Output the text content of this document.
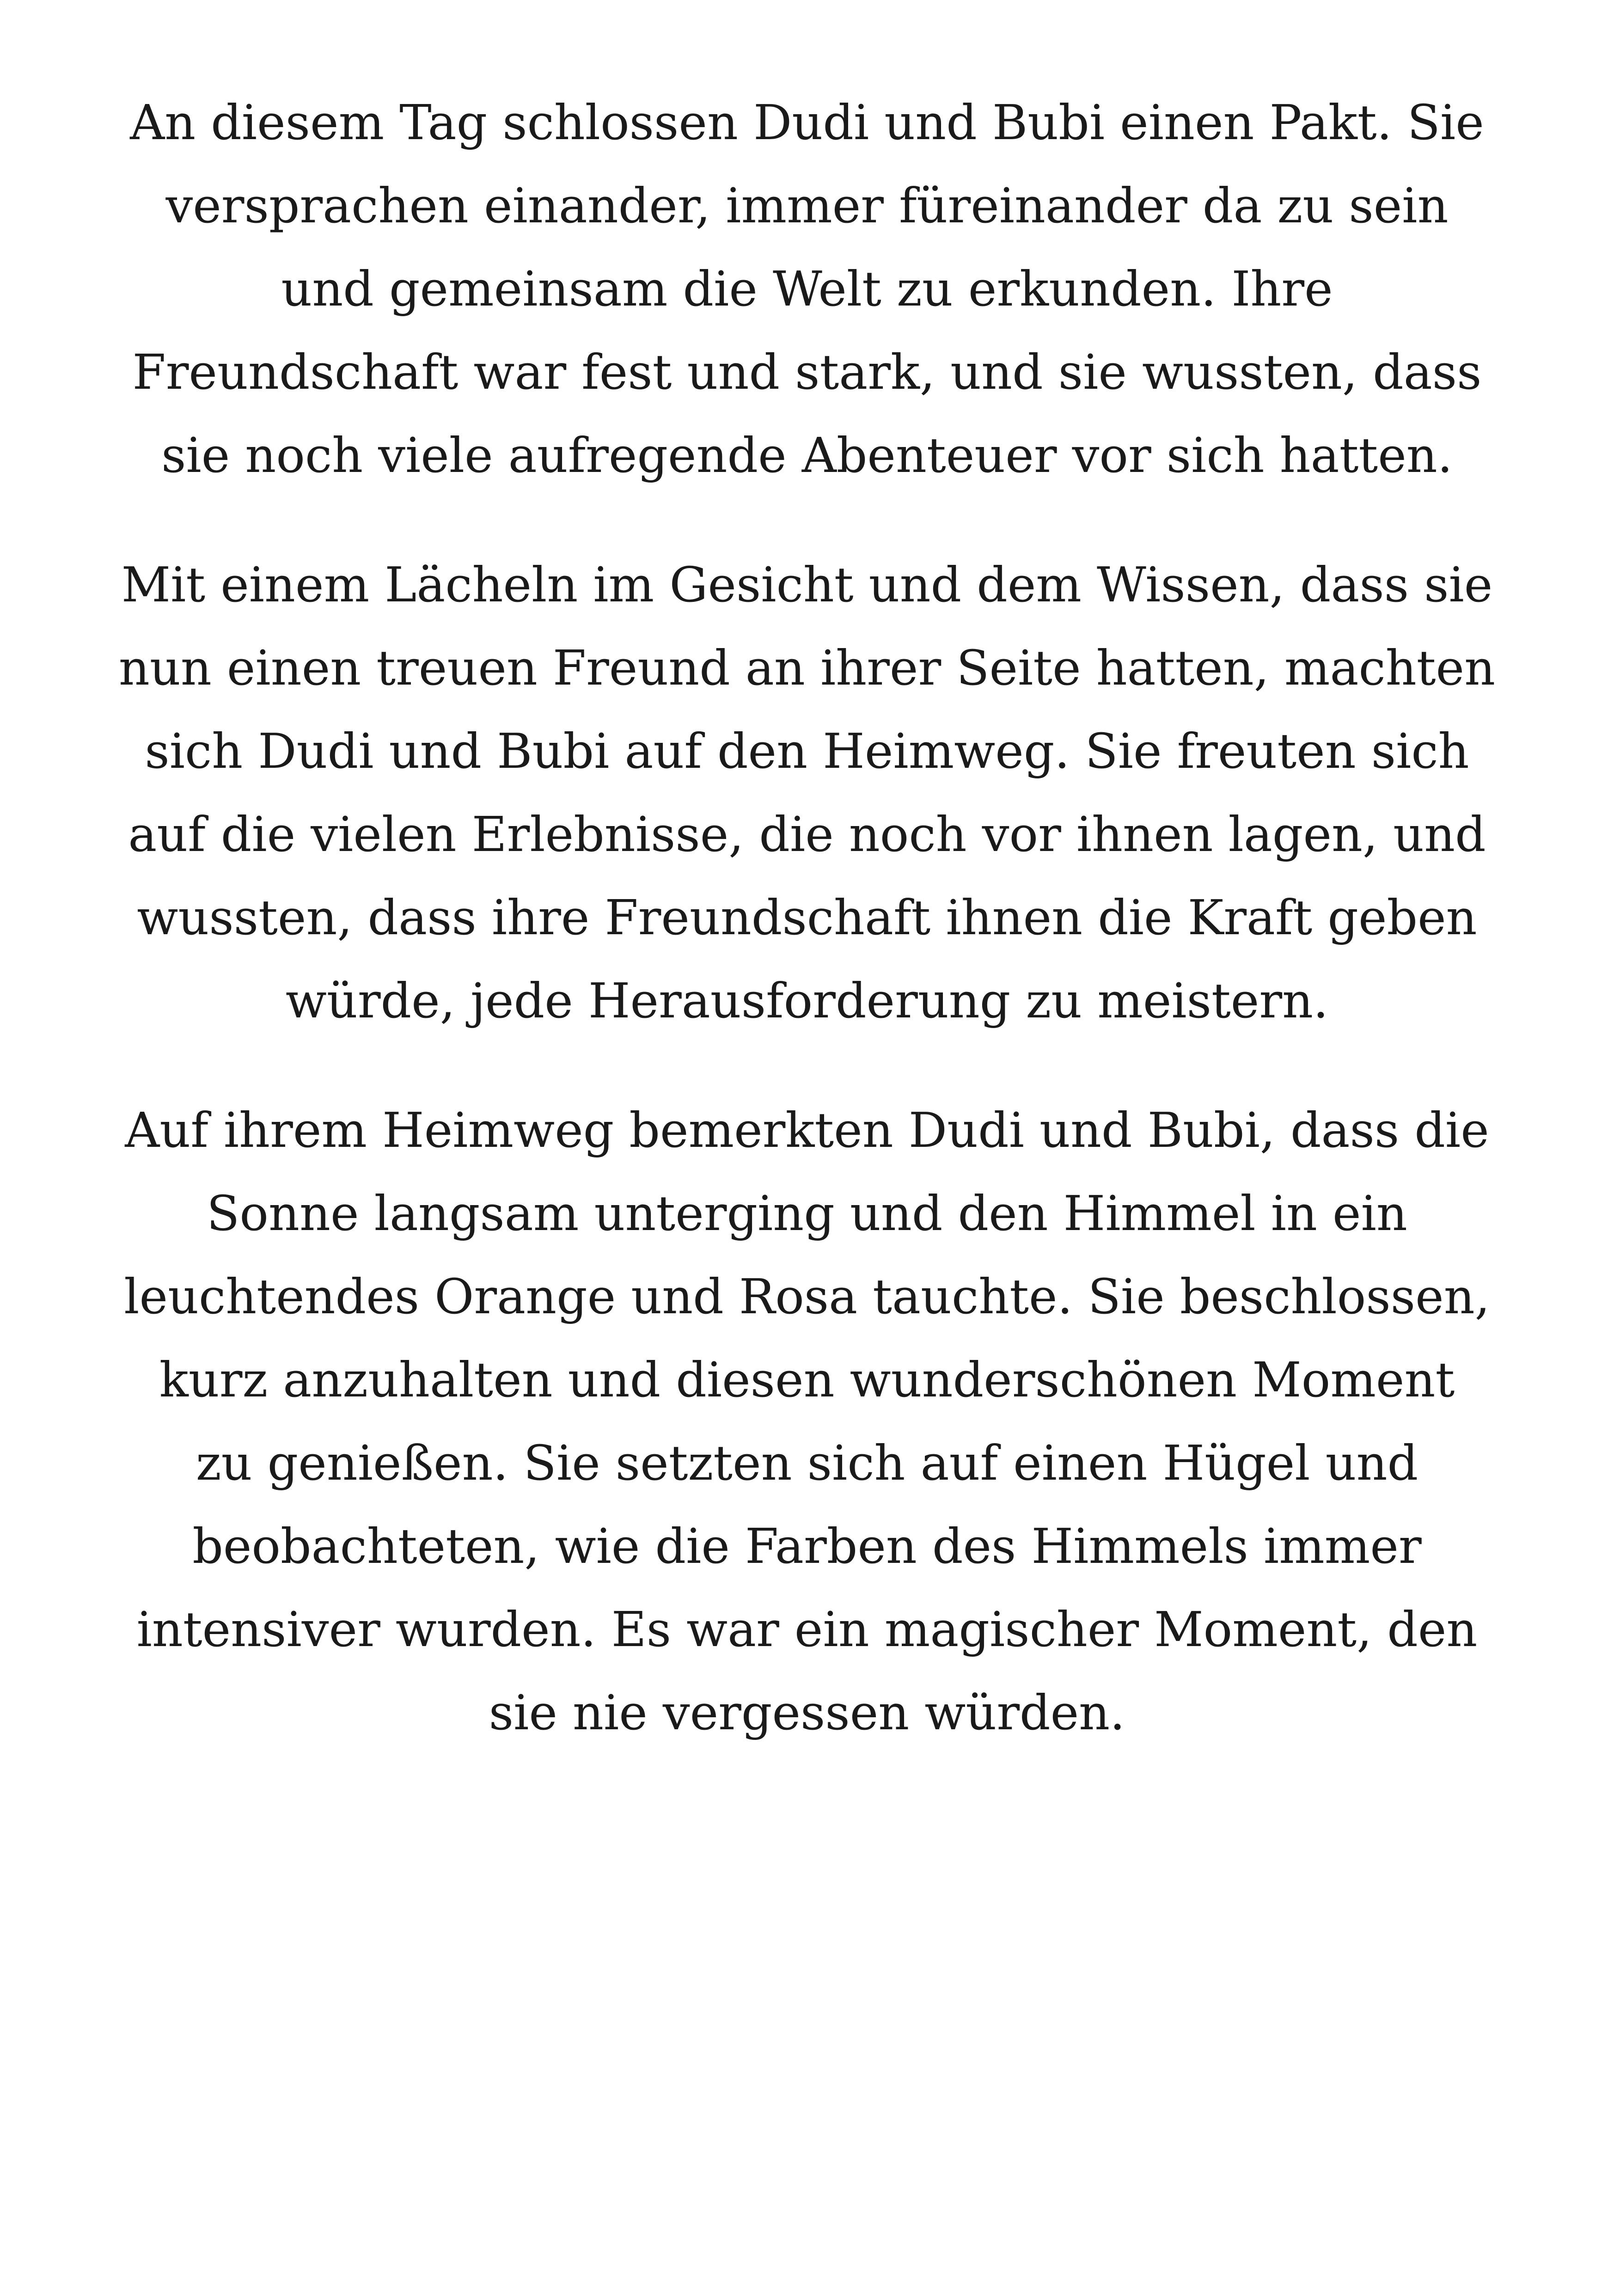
An diesem Tag schlossen Dudi und Bubi einen Pakt. Sie
versprachen einander, immer füreinander da zu sein
und gemeinsam die Welt zu erkunden. Ihre
Freundschaft war fest und stark, und sie wussten, dass
sie noch viele aufregende Abenteuer vor sich hatten.

Mit einem Lächeln im Gesicht und dem Wissen, dass sie
nun einen treuen Freund an ihrer Seite hatten, machten
sich Dudi und Bubi auf den Heimweg. Sie freuten sich
auf die vielen Erlebnisse, die noch vor ihnen lagen, und
wussten, dass ihre Freundschaft ihnen die Kraft geben
würde, jede Herausforderung zu meistern.

Auf ihrem Heimweg bemerkten Dudi und Bubi, dass die
Sonne langsam unterging und den Himmel in ein
leuchtendes Orange und Rosa tauchte. Sie beschlossen,
kurz anzuhalten und diesen wunderschönen Moment
zu genießen. Sie setzten sich auf einen Hügel und
beobachteten, wie die Farben des Himmels immer
intensiver wurden. Es war ein magischer Moment, den
sie nie vergessen würden.
